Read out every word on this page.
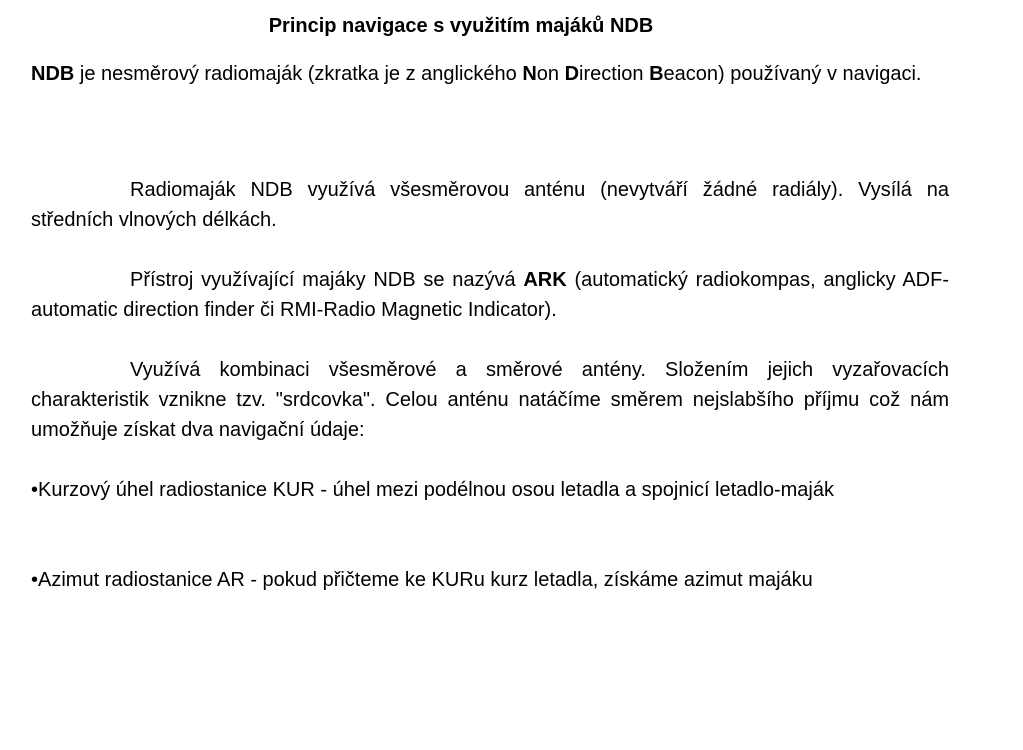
Princip navigace s využitím majáků NDB

NDB je nesměrový radiomaják (zkratka je z anglického Non Direction Beacon) používaný v navigaci.

Radiomaják NDB využívá všesměrovou anténu (nevytváří žádné radiály). Vysílá na středních vlnových délkách.

Přístroj využívající majáky NDB se nazývá ARK (automatický radiokompas, anglicky ADF-automatic direction finder či RMI-Radio Magnetic Indicator).

Využívá kombinaci všesměrové a směrové antény. Složením jejich vyzařovacích charakteristik vznikne tzv. "srdcovka". Celou anténu natáčíme směrem nejslabšího příjmu což nám umožňuje získat dva navigační údaje:

•Kurzový úhel radiostanice KUR - úhel mezi podélnou osou letadla a spojnicí letadlo-maják

•Azimut radiostanice AR - pokud přičteme ke KURu kurz letadla, získáme azimut majáku
